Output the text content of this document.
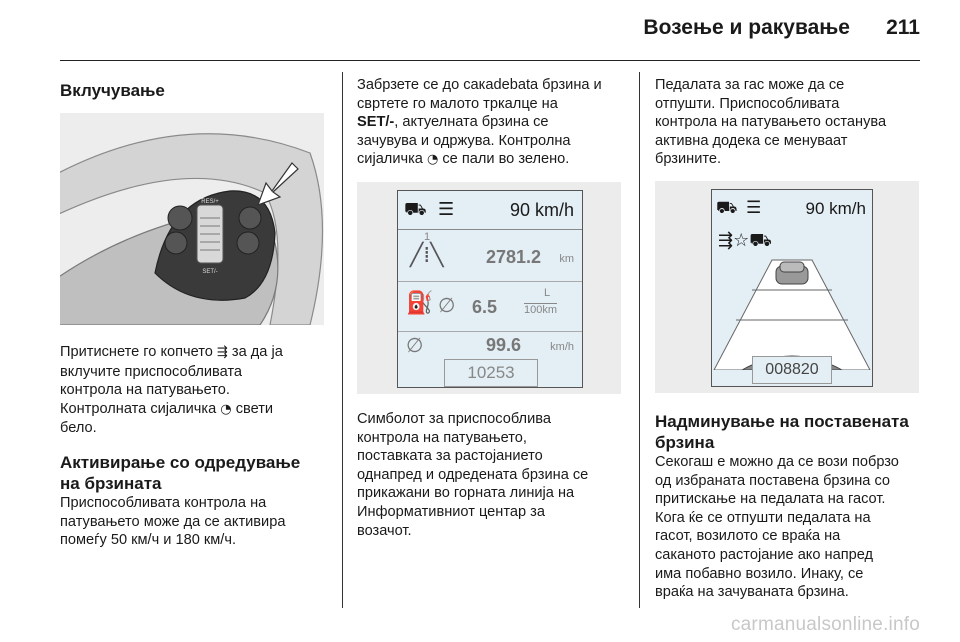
Возење и ракување 211
Вклучување
RES/+
SET/-

Притиснете го копчето ⇶ за да ја

вклучите приспособливата

контрола на патувањето.

Контролната сијаличка ◔ свети

бело.

Активирање со одредување
на брзината

Приспособливата контрола на

патувањето може да се активира

помеѓу 50 км/ч и 180 км/ч.

Забрзете се до сакаdebata брзина и

свртете го малото тркалце на

SET/-, актуелната брзина се

зачувува и одржува. Контролна

сијаличка ◔ се пали во зелено.

⛟ ☰	90 km/h
1
╱⁞╲ 2781.2 km
⛽ ∅ 6.5
L
100km
∅	99.6	km/h
10253

Симболот за приспособлива

контрола на патувањето,

поставката за растојанието

однапред и одредената брзина се

прикажани во горната линија на

Информативниот центар за

возачот.

Педалата за гас може да се

отпушти. Приспособливата

контрола на патувањето останува

активна додека се менуваат

брзините.

⛟ ☰	90 km/h
⇶☆⛟
008820
Надминување на поставената
брзина

Секогаш е можно да се вози побрзо

од избраната поставена брзина со

притискање на педалата на гасот.

Кога ќе се отпушти педалата на

гасот, возилото се враќа на

саканото растојание ако напред

има побавно возило. Инаку, се

враќа на зачуваната брзина.

carmanualsonline.info
